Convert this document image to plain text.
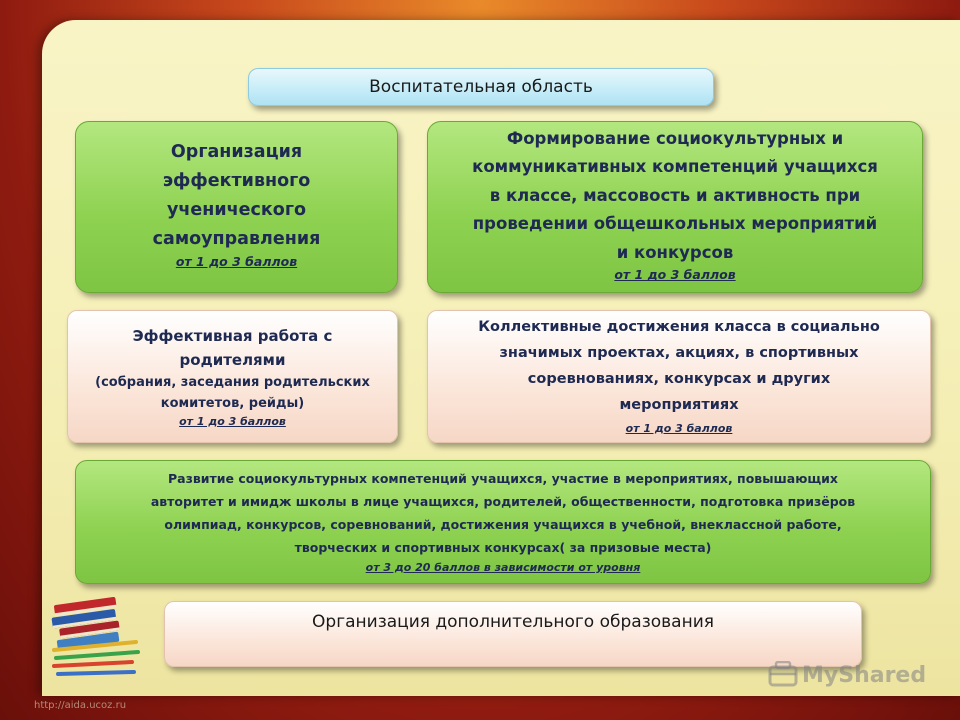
Воспитательная область
Организация
эффективного
ученического
самоуправления
от 1 до 3 баллов
Формирование социокультурных и
коммуникативных компетенций учащихся
в классе, массовость и активность при
проведении общешкольных мероприятий
и конкурсов
от 1 до 3 баллов
Эффективная работа с
родителями
(собрания, заседания родительских
комитетов, рейды)
от 1 до 3 баллов
Коллективные достижения класса в социально
значимых проектах, акциях, в спортивных
соревнованиях, конкурсах и других
мероприятиях
от 1 до 3 баллов
Развитие социокультурных компетенций учащихся, участие в мероприятиях, повышающих
авторитет и имидж школы в лице учащихся, родителей, общественности, подготовка призёров
олимпиад, конкурсов, соревнований, достижения учащихся в учебной, внеклассной работе,
творческих и спортивных конкурсах( за призовые места)
от 3 до 20 баллов в зависимости от уровня
Организация дополнительного образования
http://aida.ucoz.ru
MyShared
